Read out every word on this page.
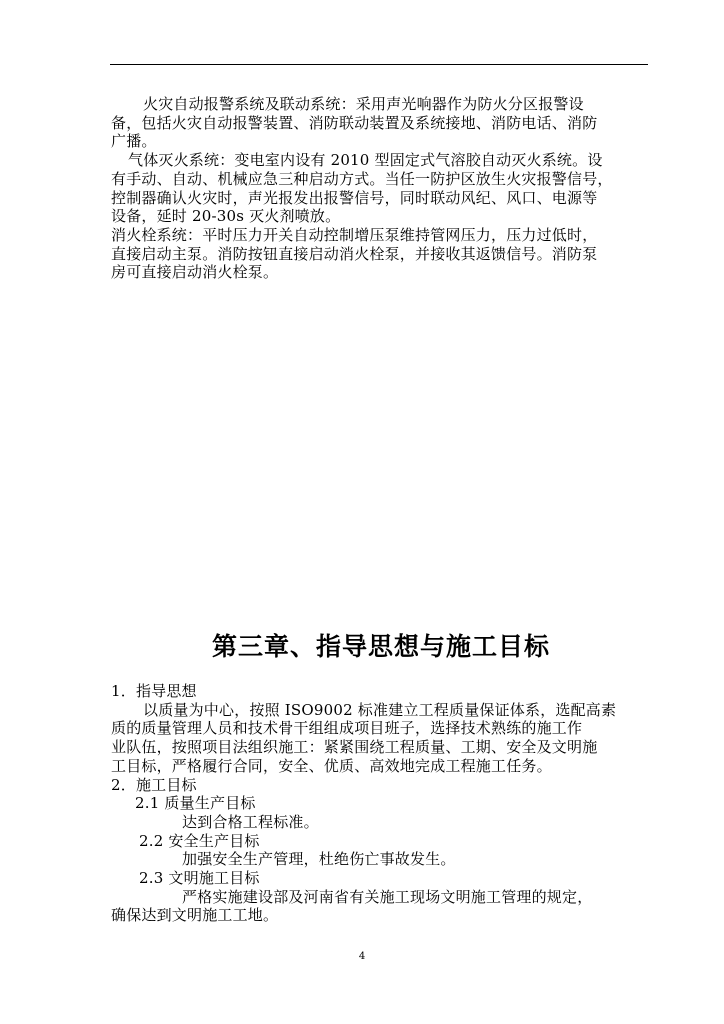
火灾自动报警系统及联动系统：采用声光响器作为防火分区报警设
备，包括火灾自动报警装置、消防联动装置及系统接地、消防电话、消防
广播。

气体灭火系统：变电室内设有 2010 型固定式气溶胶自动灭火系统。设
有手动、自动、机械应急三种启动方式。当任一防护区放生火灾报警信号，
控制器确认火灾时，声光报发出报警信号，同时联动风纪、风口、电源等
设备，延时 20-30s 灭火剂喷放。

消火栓系统：平时压力开关自动控制增压泵维持管网压力，压力过低时，
直接启动主泵。消防按钮直接启动消火栓泵，并接收其返馈信号。消防泵
房可直接启动消火栓泵。

第三章、指导思想与施工目标
1．指导思想
以质量为中心，按照 ISO9002 标准建立工程质量保证体系，选配高素
质的质量管理人员和技术骨干组组成项目班子，选择技术熟练的施工作
业队伍，按照项目法组织施工：紧紧围绕工程质量、工期、安全及文明施
工目标，严格履行合同，安全、优质、高效地完成工程施工任务。
2．施工目标
2.1 质量生产目标
达到合格工程标准。
2.2 安全生产目标
加强安全生产管理，杜绝伤亡事故发生。
2.3 文明施工目标
严格实施建设部及河南省有关施工现场文明施工管理的规定，
确保达到文明施工工地。
4
